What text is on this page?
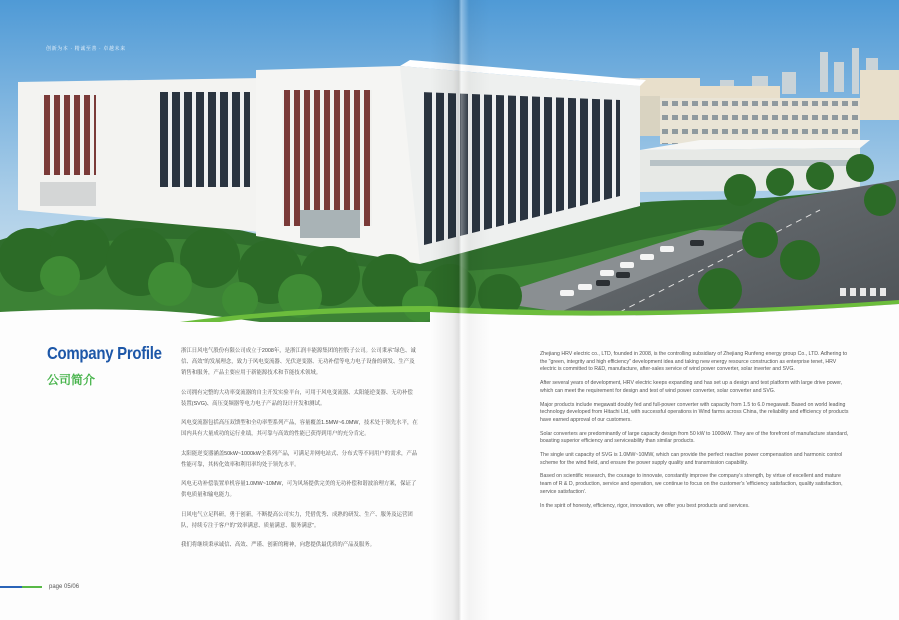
创新为本 · 精诚至善 · 卓越未来
Company Profile
公司简介

浙江日风电气股份有限公司成立于2008年，是浙江润丰能源集团的控股子公司。公司秉承“绿色、诚信、高效”的发展理念，致力于风电变流器、光伏逆变器、无功补偿等电力电子设备的研发、生产及销售和服务，产品主要应用于新能源技术和节能技术领域。

公司拥有完整的大功率变流器的自主开发实验平台，可用于风电变流器、太阳能逆变器、无功补偿装置(SVG)、高压变频器等电力电子产品的设计开发和测试。

风电变流器包括高压双馈型和全功率型系列产品，容量覆盖1.5MW~6.0MW，技术处于领先水平，在国内具有大量成功的运行业绩，其可靠与高效的性能已获得到用户的充分肯定。

太阳能逆变器涵盖50kW~1000kW全系列产品，可满足并网电站式、分布式等不同用户的需求，产品性能可靠，其转化效率和利用率均处于领先水平。

风电无功补偿装置单机容量1.0MW~10MW，可为风场提供完美的无功补偿和谐波治理方案，保证了供电质量和输电能力。

日风电气立足科研，勇于创新，不断提高公司实力，凭借优秀、成熟的研发、生产、服务及运营团队，持续专注于客户的“效率满意、质量满意、服务满意”。

我们将继续秉承诚信、高效、严谨、创新的精神，向您提供最优质的产品及服务。

page 05/06

Zhejiang HRV electric co., LTD, founded in 2008, is the controlling subsidiary of Zhejiang Runfeng energy group Co., LTD. Adhering to the "green, integrity and high efficiency" development idea and taking new energy resource construction as enterprise tenet, HRV electric is committed to R&D, manufacture, after-sales service of wind power converter, solar inverter and SVG.

After several years of development, HRV electric keeps expanding and has set up a design and test platform with large drive power, which can meet the requirement for design and test of wind power converter, solar converter and SVG.

Major products include megawatt doubly fed and full-power converter with capacity from 1.5 to 6.0 megawatt. Based on world leading technology developed from Hitachi Ltd, with successful operations in Wind farms across China, the reliability and efficiency of products have earned approval of our customers.

Solar converters are predominantly of large capacity design from 50 kW to 1000kW. They are of the forefront of manufacture standard, boasting superior efficiency and serviceability than similar products.

The single unit capacity of SVG is 1.0MW~10MW, which can provide the perfect reactive power compensation and harmonic control scheme for the wind field, and ensure the power supply quality and transmission capability.

Based on scientific research, the courage to innovate, constantly improve the company's strength, by virtue of excellent and mature team of R & D, production, service and operation, we continue to focus on the customer's 'efficiency satisfaction, quality satisfaction, service satisfaction'.

In the spirit of honesty, efficiency, rigor, innovation, we offer you best products and services.
